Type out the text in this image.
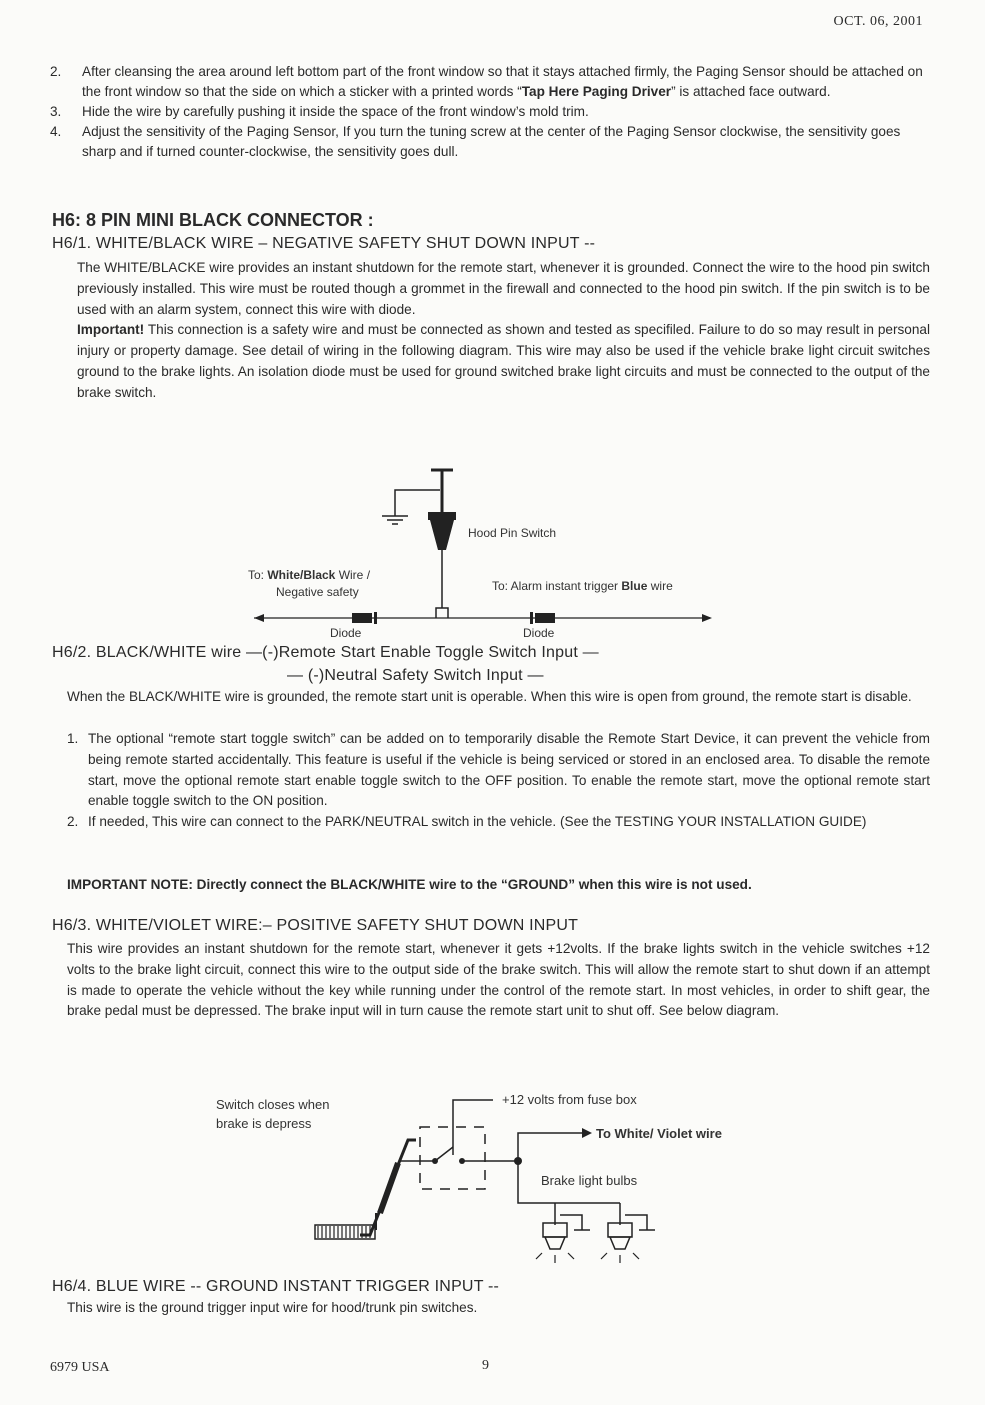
OCT. 06, 2001
2.	After cleansing the area around left bottom part of the front window so that it stays attached firmly, the Paging Sensor should be attached on the front window so that the side on which a sticker with a printed words “Tap Here Paging Driver” is attached face outward.
3.	Hide the wire by carefully pushing it inside the space of the front window’s mold trim.
4.	Adjust the sensitivity of the Paging Sensor, If you turn the tuning screw at the center of the Paging Sensor clockwise, the sensitivity goes sharp and if turned counter-clockwise, the sensitivity goes dull.
H6: 8 PIN MINI BLACK CONNECTOR :
H6/1. WHITE/BLACK WIRE – NEGATIVE SAFETY SHUT DOWN INPUT --
The WHITE/BLACKE wire provides an instant shutdown for the remote start, whenever it is grounded. Connect the wire to the hood pin switch previously installed. This wire must be routed though a grommet in the firewall and connected to the hood pin switch. If the pin switch is to be used with an alarm system, connect this wire with diode.
Important! This connection is a safety wire and must be connected as shown and tested as specifiled. Failure to do so may result in personal injury or property damage. See detail of wiring in the following diagram. This wire may also be used if the vehicle brake light circuit switches ground to the brake lights. An isolation diode must be used for ground switched brake light circuits and must be connected to the output of the brake switch.
Hood Pin Switch
To: White/Black Wire /
Negative safety	To: Alarm instant trigger Blue wire
Diode	Diode
H6/2. BLACK/WHITE wire —(-)Remote Start Enable Toggle Switch Input —
— (-)Neutral Safety Switch Input —
When the BLACK/WHITE wire is grounded, the remote start unit is operable. When this wire is open from ground, the remote start is disable.
1. The optional “remote start toggle switch” can be added on to temporarily disable the Remote Start Device, it can prevent the vehicle from being remote started accidentally. This feature is useful if the vehicle is being serviced or stored in an enclosed area. To disable the remote start, move the optional remote start enable toggle switch to the OFF position. To enable the remote start, move the optional remote start enable toggle switch to the ON position.
2. If needed, This wire can connect to the PARK/NEUTRAL switch in the vehicle. (See the TESTING YOUR INSTALLATION GUIDE)
IMPORTANT NOTE: Directly connect the BLACK/WHITE wire to the “GROUND” when this wire is not used.
H6/3. WHITE/VIOLET WIRE:– POSITIVE SAFETY SHUT DOWN INPUT
This wire provides an instant shutdown for the remote start, whenever it gets +12volts. If the brake lights switch in the vehicle switches +12 volts to the brake light circuit, connect this wire to the output side of the brake switch. This will allow the remote start to shut down if an attempt is made to operate the vehicle without the key while running under the control of the remote start. In most vehicles, in order to shift gear, the brake pedal must be depressed. The brake input will in turn cause the remote start unit to shut off. See below diagram.
Switch closes when
brake is depress
+12 volts from fuse box
To White/ Violet wire
Brake light bulbs
H6/4. BLUE WIRE -- GROUND INSTANT TRIGGER INPUT --
This wire is the ground trigger input wire for hood/trunk pin switches.
6979 USA	9
